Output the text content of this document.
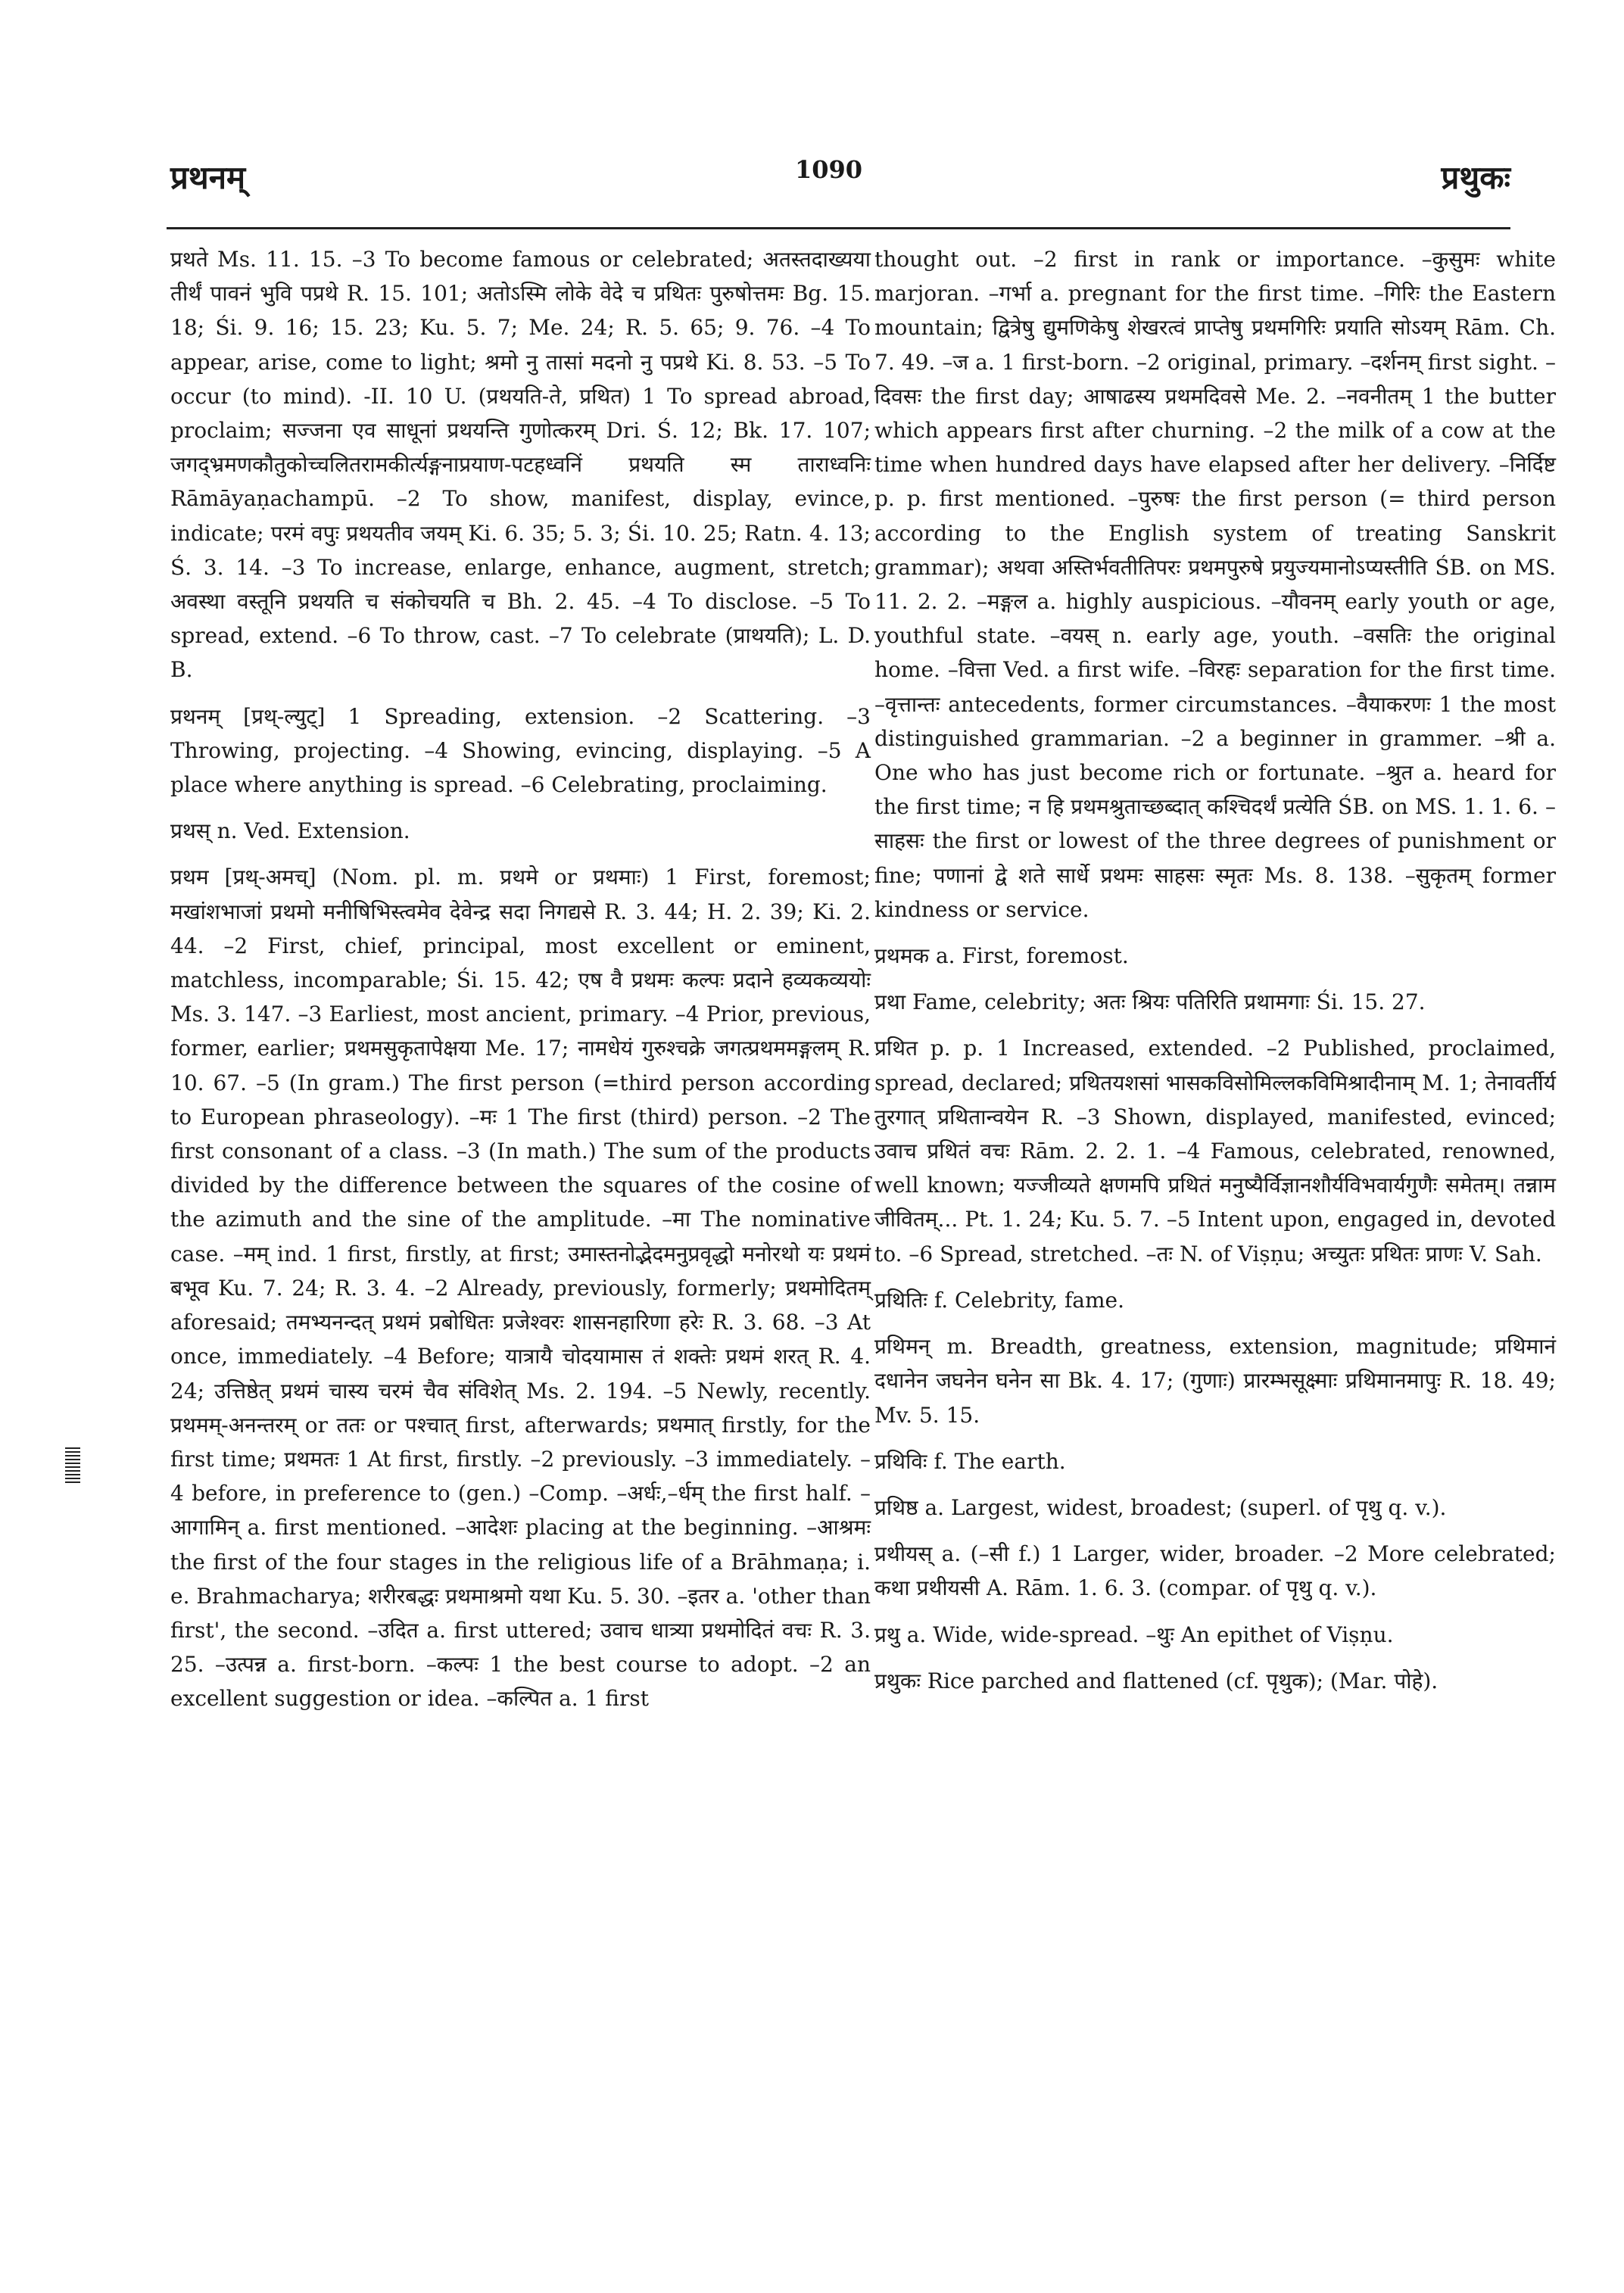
प्रथनम्	1090	प्रथुकः

प्रथते Ms. 11. 15. –3 To become famous or celebrated; अतस्तदाख्यया तीर्थं पावनं भुवि पप्रथे R. 15. 101; अतोऽस्मि लोके वेदे च प्रथितः पुरुषोत्तमः Bg. 15. 18; Śi. 9. 16; 15. 23; Ku. 5. 7; Me. 24; R. 5. 65; 9. 76. –4 To appear, arise, come to light; श्रमो नु तासां मदनो नु पप्रथे Ki. 8. 53. –5 To occur (to mind). -II. 10 U. (प्रथयति-ते, प्रथित) 1 To spread abroad, proclaim; सज्जना एव साधूनां प्रथयन्ति गुणोत्करम् Dri. Ś. 12; Bk. 17. 107; जगद्भ्रमणकौतुकोच्चलितरामकीर्त्यङ्गनाप्रयाण-पटहध्वनिं प्रथयति स्म ताराध्वनिः Rāmāyaṇachampū. –2 To show, manifest, display, evince, indicate; परमं वपुः प्रथयतीव जयम् Ki. 6. 35; 5. 3; Śi. 10. 25; Ratn. 4. 13; Ś. 3. 14. –3 To increase, enlarge, enhance, augment, stretch; अवस्था वस्तूनि प्रथयति च संकोचयति च Bh. 2. 45. –4 To disclose. –5 To spread, extend. –6 To throw, cast. –7 To celebrate (प्राथयति); L. D. B.

प्रथनम् [प्रथ्-ल्युट्] 1 Spreading, extension. –2 Scattering. –3 Throwing, projecting. –4 Showing, evincing, displaying. –5 A place where anything is spread. –6 Celebrating, proclaiming.

प्रथस् n. Ved. Extension.

प्रथम [प्रथ्-अमच्] (Nom. pl. m. प्रथमे or प्रथमाः) 1 First, foremost; मखांशभाजां प्रथमो मनीषिभिस्त्वमेव देवेन्द्र सदा निगद्यसे R. 3. 44; H. 2. 39; Ki. 2. 44. –2 First, chief, principal, most excellent or eminent, matchless, incomparable; Śi. 15. 42; एष वै प्रथमः कल्पः प्रदाने हव्यकव्ययोः Ms. 3. 147. –3 Earliest, most ancient, primary. –4 Prior, previous, former, earlier; प्रथमसुकृतापेक्षया Me. 17; नामधेयं गुरुश्चक्रे जगत्प्रथममङ्गलम् R. 10. 67. –5 (In gram.) The first person (=third person according to European phraseology). –मः 1 The first (third) person. –2 The first consonant of a class. –3 (In math.) The sum of the products divided by the difference between the squares of the cosine of the azimuth and the sine of the amplitude. –मा The nominative case. –मम् ind. 1 first, firstly, at first; उमास्तनोद्भेदमनुप्रवृद्धो मनोरथो यः प्रथमं बभूव Ku. 7. 24; R. 3. 4. –2 Already, previously, formerly; प्रथमोदितम् aforesaid; तमभ्यनन्दत् प्रथमं प्रबोधितः प्रजेश्वरः शासनहारिणा हरेः R. 3. 68. –3 At once, immediately. –4 Before; यात्रायै चोदयामास तं शक्तेः प्रथमं शरत् R. 4. 24; उत्तिष्ठेत् प्रथमं चास्य चरमं चैव संविशेत् Ms. 2. 194. –5 Newly, recently. प्रथमम्-अनन्तरम् or ततः or पश्चात् first, afterwards; प्रथमात् firstly, for the first time; प्रथमतः 1 At first, firstly. –2 previously. –3 immediately. –4 before, in preference to (gen.) –Comp. –अर्धः,–र्धम् the first half. –आगामिन् a. first mentioned. –आदेशः placing at the beginning. –आश्रमः the first of the four stages in the religious life of a Brāhmaṇa; i. e. Brahmacharya; शरीरबद्धः प्रथमाश्रमो यथा Ku. 5. 30. –इतर a. 'other than first', the second. –उदित a. first uttered; उवाच धात्र्या प्रथमोदितं वचः R. 3. 25. –उत्पन्न a. first-born. –कल्पः 1 the best course to adopt. –2 an excellent suggestion or idea. –कल्पित a. 1 first

thought out. –2 first in rank or importance. –कुसुमः white marjoran. –गर्भा a. pregnant for the first time. –गिरिः the Eastern mountain; द्वित्रेषु द्युमणिकेषु शेखरत्वं प्राप्तेषु प्रथमगिरिः प्रयाति सोऽयम् Rām. Ch. 7. 49. –ज a. 1 first-born. –2 original, primary. –दर्शनम् first sight. –दिवसः the first day; आषाढस्य प्रथमदिवसे Me. 2. –नवनीतम् 1 the butter which appears first after churning. –2 the milk of a cow at the time when hundred days have elapsed after her delivery. –निर्दिष्ट p. p. first mentioned. –पुरुषः the first person (= third person according to the English system of treating Sanskrit grammar); अथवा अस्तिर्भवतीतिपरः प्रथमपुरुषे प्रयुज्यमानोऽप्यस्तीति ŚB. on MS. 11. 2. 2. –मङ्गल a. highly auspicious. –यौवनम् early youth or age, youthful state. –वयस् n. early age, youth. –वसतिः the original home. –वित्ता Ved. a first wife. –विरहः separation for the first time. –वृत्तान्तः antecedents, former circumstances. –वैयाकरणः 1 the most distinguished grammarian. –2 a beginner in grammer. –श्री a. One who has just become rich or fortunate. –श्रुत a. heard for the first time; न हि प्रथमश्रुताच्छब्दात् कश्चिदर्थं प्रत्येति ŚB. on MS. 1. 1. 6. –साहसः the first or lowest of the three degrees of punishment or fine; पणानां द्वे शते सार्धे प्रथमः साहसः स्मृतः Ms. 8. 138. –सुकृतम् former kindness or service.

प्रथमक a. First, foremost.

प्रथा Fame, celebrity; अतः श्रियः पतिरिति प्रथामगाः Śi. 15. 27.

प्रथित p. p. 1 Increased, extended. –2 Published, proclaimed, spread, declared; प्रथितयशसां भासकविसोमिल्लकविमिश्रादीनाम् M. 1; तेनावर्तीर्य तुरगात् प्रथितान्वयेन R. –3 Shown, displayed, manifested, evinced; उवाच प्रथितं वचः Rām. 2. 2. 1. –4 Famous, celebrated, renowned, well known; यज्जीव्यते क्षणमपि प्रथितं मनुष्यैर्विज्ञानशौर्यविभवार्यगुणैः समेतम्। तन्नाम जीवितम्... Pt. 1. 24; Ku. 5. 7. –5 Intent upon, engaged in, devoted to. –6 Spread, stretched. –तः N. of Viṣṇu; अच्युतः प्रथितः प्राणः V. Sah.

प्रथितिः f. Celebrity, fame.

प्रथिमन् m. Breadth, greatness, extension, magnitude; प्रथिमानं दधानेन जघनेन घनेन सा Bk. 4. 17; (गुणाः) प्रारम्भसूक्ष्माः प्रथिमानमापुः R. 18. 49; Mv. 5. 15.

प्रथिविः f. The earth.

प्रथिष्ठ a. Largest, widest, broadest; (superl. of पृथु q. v.).

प्रथीयस् a. (–सी f.) 1 Larger, wider, broader. –2 More celebrated; कथा प्रथीयसी A. Rām. 1. 6. 3. (compar. of पृथु q. v.).

प्रथु a. Wide, wide-spread. –थुः An epithet of Viṣṇu.

प्रथुकः Rice parched and flattened (cf. पृथुक); (Mar. पोहे).
